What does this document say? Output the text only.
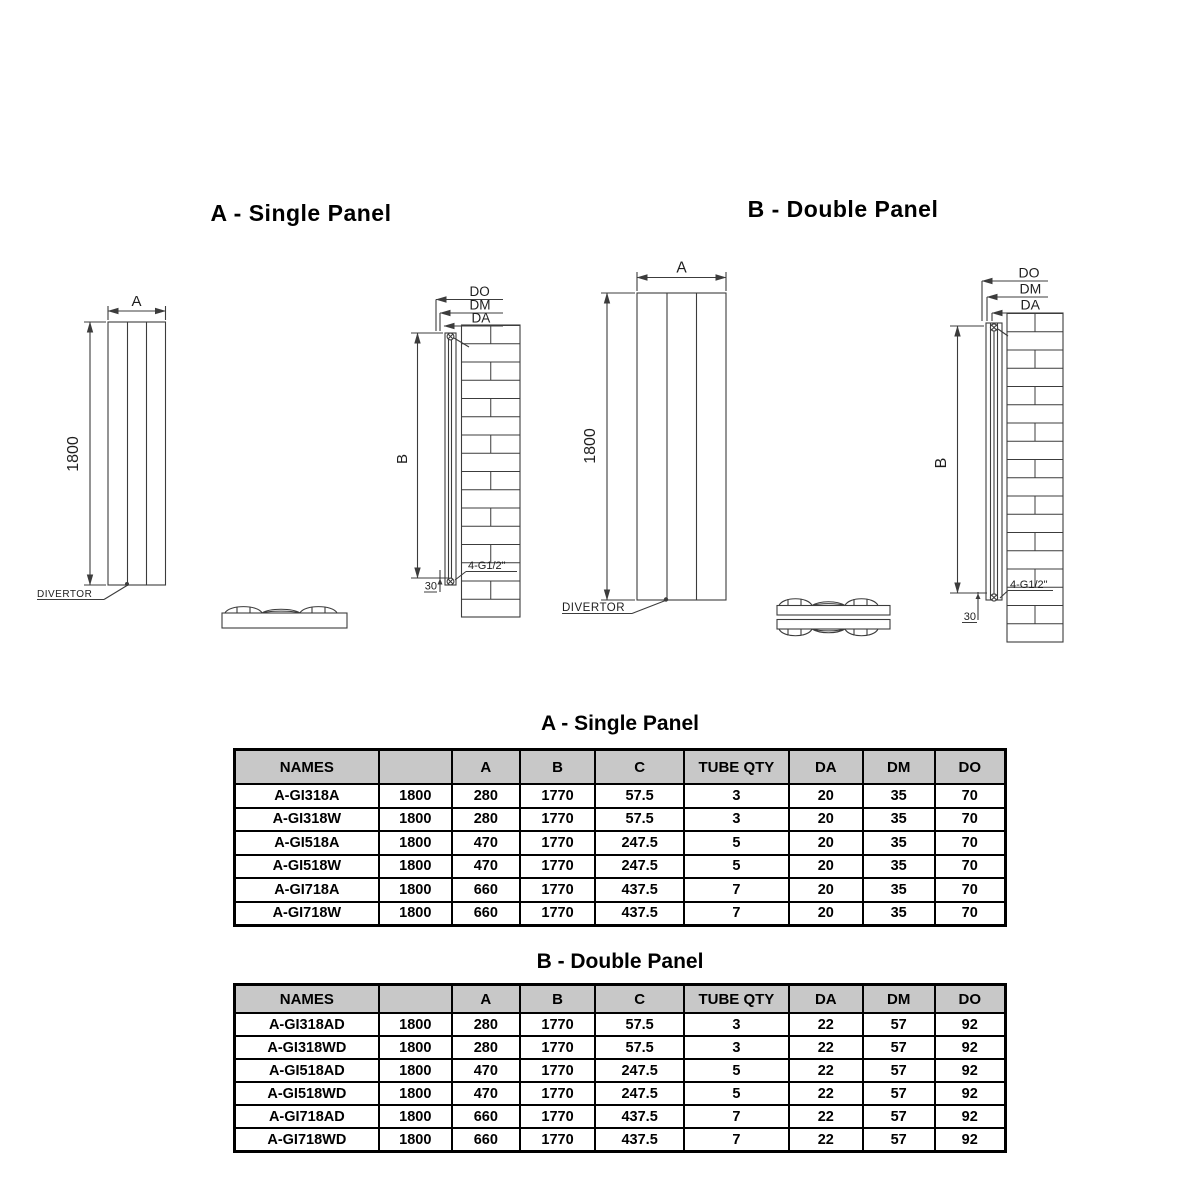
A - Single Panel	B - Double Panel
A
1800
DIVERTOR
B
DO
DM
DA
4-G1/2"
30
A
1800
DIVERTOR
B
DO
DM
DA
4-G1/2"
30
A - Single Panel
NAMES		A	B	C	TUBE QTY	DA	DM	DO
A-GI318A	1800	280	1770	57.5	3	20	35	70
A-GI318W	1800	280	1770	57.5	3	20	35	70
A-GI518A	1800	470	1770	247.5	5	20	35	70
A-GI518W	1800	470	1770	247.5	5	20	35	70
A-GI718A	1800	660	1770	437.5	7	20	35	70
A-GI718W	1800	660	1770	437.5	7	20	35	70
B - Double Panel
NAMES		A	B	C	TUBE QTY	DA	DM	DO
A-GI318AD	1800	280	1770	57.5	3	22	57	92
A-GI318WD	1800	280	1770	57.5	3	22	57	92
A-GI518AD	1800	470	1770	247.5	5	22	57	92
A-GI518WD	1800	470	1770	247.5	5	22	57	92
A-GI718AD	1800	660	1770	437.5	7	22	57	92
A-GI718WD	1800	660	1770	437.5	7	22	57	92
